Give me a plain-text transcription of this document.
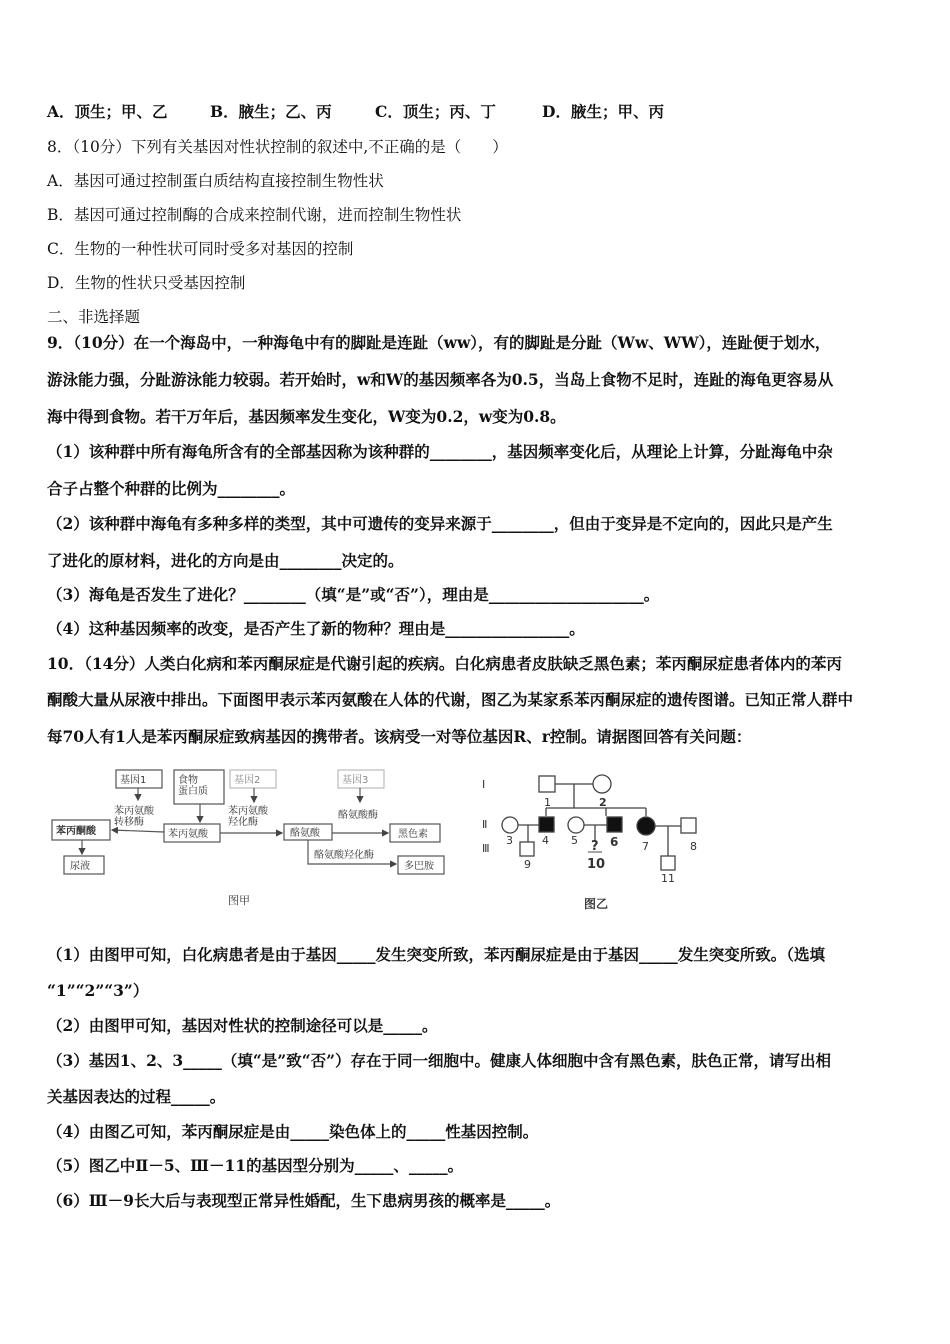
A．顶生；甲、乙	B．腋生；乙、丙	C．顶生；丙、丁	D．腋生；甲、丙
8．（10分）下列有关基因对性状控制的叙述中,不正确的是（　　）
A．基因可通过控制蛋白质结构直接控制生物性状
B．基因可通过控制酶的合成来控制代谢，进而控制生物性状
C．生物的一种性状可同时受多对基因的控制
D．生物的性状只受基因控制
二、非选择题
9．（10分）在一个海岛中，一种海龟中有的脚趾是连趾（ww），有的脚趾是分趾（Ww、WW），连趾便于划水，
游泳能力强，分趾游泳能力较弱。若开始时，w和W的基因频率各为0.5，当岛上食物不足时，连趾的海龟更容易从
海中得到食物。若干万年后，基因频率发生变化，W变为0.2，w变为0.8。
（1）该种群中所有海龟所含有的全部基因称为该种群的________，基因频率变化后，从理论上计算，分趾海龟中杂
合子占整个种群的比例为________。
（2）该种群中海龟有多种多样的类型，其中可遗传的变异来源于________，但由于变异是不定向的，因此只是产生
了进化的原材料，进化的方向是由________决定的。
（3）海龟是否发生了进化？________（填“是”或“否”），理由是____________________。
（4）这种基因频率的改变，是否产生了新的物种？理由是________________。
10．（14分）人类白化病和苯丙酮尿症是代谢引起的疾病。白化病患者皮肤缺乏黑色素；苯丙酮尿症患者体内的苯丙
酮酸大量从尿液中排出。下面图甲表示苯丙氨酸在人体的代谢，图乙为某家系苯丙酮尿症的遗传图谱。已知正常人群中
每70人有1人是苯丙酮尿症致病基因的携带者。该病受一对等位基因R、r控制。请据图回答有关问题：
基因1	食物蛋白质
基因2	基因3
苯丙氨酸转移酶
苯丙氨酸羟化酶
酪氨酸酶
酪氨酸羟化酶
苯丙酮酸
尿液
苯丙氨酸	酪氨酸	黑色素
多巴胺
图甲
Ⅰ
Ⅱ
Ⅲ
1	2
3	4 5	6 7	8
9
?
10
11
图乙
（1）由图甲可知，白化病患者是由于基因_____发生突变所致，苯丙酮尿症是由于基因_____发生突变所致。（选填
“1”“2”“3”）
（2）由图甲可知，基因对性状的控制途径可以是_____。
（3）基因1、2、3_____（填“是”致“否”）存在于同一细胞中。健康人体细胞中含有黑色素，肤色正常，请写出相
关基因表达的过程_____。
（4）由图乙可知，苯丙酮尿症是由_____染色体上的_____性基因控制。
（5）图乙中Ⅱ－5、Ⅲ－11的基因型分别为_____、_____。
（6）Ⅲ－9长大后与表现型正常异性婚配，生下患病男孩的概率是_____。
